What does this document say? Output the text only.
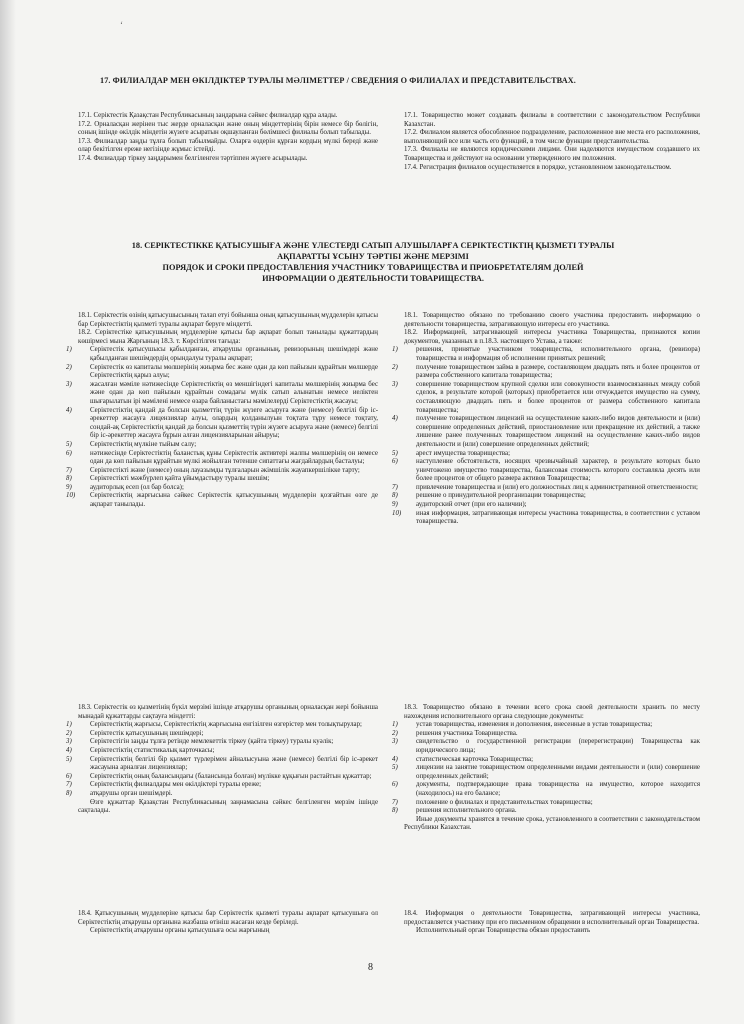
ʻ
17. ФИЛИАЛДАР МЕН ӨКІЛДІКТЕР ТУРАЛЫ МӘЛІМЕТТЕР / СВЕДЕНИЯ О ФИЛИАЛАХ И ПРЕДСТАВИТЕЛЬСТВАХ.

17.1. Серіктестік Қазақстан Республикасының заңдарына сәйкес филиалдар құра алады.

17.2. Орналасқан жерінен тыс жерде орналасқан және оның міндеттерінің бірін немесе бір бөлігін, соның ішінде өкілдік міндетін жүзеге асыратын оқшауланған бөлімшесі филиалы болып табылады.

17.3. Филиалдар заңды тұлға болып табылмайды. Оларға өздерін құрған кордың мүлкі береді және олар бекітілген ереже негізінде жұмыс істейді.

17.4. Филиалдар тіркеу заңдарымен белгіленген тәртіппен жүзеге асырылады.

17.1. Товарищество может создавать филиалы в соответствии с законодательством Республики Казахстан.

17.2. Филиалом является обособленное подразделение, расположенное вне места его расположения, выполняющий все или часть его функций, в том числе функции представительства.

17.3. Филиалы не являются юридическими лицами. Они наделяются имуществом создавшего их Товарищества и действуют на основании утвержденного им положения.

17.4. Регистрация филиалов осуществляется в порядке, установленном законодательством.

18. СЕРІКТЕСТІККЕ ҚАТЫСУШЫҒА ЖӘНЕ ҮЛЕСТЕРДІ САТЫП АЛУШЫЛАРҒА СЕРІКТЕСТІКТІҢ ҚЫЗМЕТІ ТУРАЛЫ
АҚПАРАТТЫ ҰСЫНУ ТӘРТІБІ ЖӘНЕ МЕРЗІМІ
ПОРЯДОК И СРОКИ ПРЕДОСТАВЛЕНИЯ УЧАСТНИКУ ТОВАРИЩЕСТВА И ПРИОБРЕТАТЕЛЯМ ДОЛЕЙ
ИНФОРМАЦИИ О ДЕЯТЕЛЬНОСТИ ТОВАРИЩЕСТВА.

18.1. Серіктестік өзінің қатысушысының талап етуі бойынша оның қатысушының мүдделерін қатысы бар Серіктестіктің қызметі туралы ақпарат беруге міндетті.

18.2. Серіктестіке қатысушының мүдделеріне қатысы бар ақпарат болып танылады құжаттардың көшірмесі мына Жарғының 18.3. т. Көрсітілген тағыда:

1)	Серіктестік қатысушысы қабылданған, атқарушы органының, ревизорының шешімдері және қабылданған шешімдердің орындалуы туралы ақпарат;

2)	Серіктестік өз капиталы мөлшерінің жиырма бес және одан да көп пайызын құрайтын мөлшерде Серіктестіктің қарыз алуы;

3)	жасалған мәміле нәтижесінде Серіктестіктің өз меншігіндегі капиталы мөлшерінің жиырма бес және одан да көп пайызын құрайтын сомадағы мүлік сатып алынатын немесе иеліктен шығарылатын ірі мәмілені немесе өзара байланыстағы мәмілелерді Серіктестіктің жасауы;

4)	Серіктестіктің қандай да болсын қызметтің түрін жүзеге асыруға және (немесе) белгілі бір іс-әрекеттер жасауға лицензиялар алуы, олардың қолданылуын тоқтата тұру немесе тоқтату, сондай-ақ Серіктестіктің қандай да болсын қызметтің түрін жүзеге асыруға және (немесе) белгілі бір іс-әрекеттер жасауға бұрын алған лицензияларынан айыруы;

5)	Серіктестіктің мүлкіне тыйым салу;

6)	нәтижесінде Серіктестіктің баланстық құны Серіктестік активтері жалпы мөлшерінің он немесе одан да көп пайызын құрайтын мүлкі жойылған төтенше сипаттағы жағдайлардың басталуы;

7)	Серіктестікті және (немесе) оның лауазымды тұлғаларын әкімшілік жауапкершілікке тарту;

8)	Серіктестікті мәжбүрлеп қайта ұйымдастыру туралы шешім;

9)	аудиторлық есеп (ол бар болса);

10) Серіктестіктің жарғысына сәйкес Серіктестік қатысушының мүдделерін қозғайтын өзге де ақпарат танылады.

18.3. Серіктестік өз қызметінің бүкіл мерзімі ішінде атқарушы органының орналасқан жері бойынша мынадай құжаттарды сақтауға міндетті:

1)	Серіктестіктің жарғысы, Серіктестіктің жарғысына енгізілген өзгерістер мен толықтырулар;

2)	Серіктестік қатысушының шешімдері;

3)	Серіктестігін заңды тұлға ретінде мемлекеттік тіркеу (қайта тіркеу) туралы куәлік;

4)	Серіктестіктің статистикалық карточкасы;

5)	Серіктестіктің белгілі бір қызмет түрлерімен айналысуына және (немесе) белгілі бір іс-әрекет жасауына арналған лицензиялар;

6)	Серіктестіктің оның балансындағы (балансында болған) мүлікке құқығын растайтын құжаттар;

7)	Серіктестіктің филиалдары мен өкілдіктері туралы ереже;

8)	атқарушы орган шешімдері.

Өзге құжаттар Қазақстан Республикасының заңнамасына сәйкес белгіленген мерзім ішінде сақталады.

18.4. Қатысушының мүдделеріне қатысы бар Серіктестік қызметі туралы ақпарат қатысушыға ол Серіктестіктің атқарушы органына жазбаша өтініш жасаған кезде беріледі.

Серіктестіктің атқарушы органы қатысушыға осы жарғының

18.1. Товарищество обязано по требованию своего участника предоставить информацию о деятельности товарищества, затрагивающую интересы его участника.

18.2. Информацией, затрагивающей интересы участника Товарищества, признаются копии документов, указанных в п.18.3. настоящего Устава, а также:

1)	решения, принятые участником товарищества, исполнительного органа, (ревизора) товарищества и информация об исполнении принятых решений;

2)	получение товариществом займа в размере, составляющем двадцать пять и более процентов от размера собственного капитала товарищества;

3)	совершение товариществом крупной сделки или совокупности взаимосвязанных между собой сделок, в результате которой (которых) приобретается или отчуждается имущество на сумму, составляющую двадцать пять и более процентов от размера собственного капитала товарищества;

4)	получение товариществом лицензий на осуществление каких-либо видов деятельности и (или) совершение определенных действий, приостановление или прекращение их действий, а также лишение ранее полученных товариществом лицензий на осуществление каких-либо видов деятельности и (или) совершение определенных действий;

5)	арест имущества товарищества;

6)	наступление обстоятельств, носящих чрезвычайный характер, в результате которых было уничтожено имущество товарищества, балансовая стоимость которого составляла десять или более процентов от общего размера активов Товарищества;

7)	привлечение товарищества и (или) его должностных лиц к административной ответственности;

8)	решение о принудительной реорганизации товарищества;

9)	аудиторский отчет (при его наличии);

10) иная информация, затрагивающая интересы участника товарищества, в соответствии с уставом товарищества.

18.3. Товарищество обязано в течении всего срока своей деятельности хранить по месту нахождения исполнительного органа следующие документы:

1)	устав товарищества, изменения и дополнения, внесенные в устав товарищества;

2)	решения участника Товарищества.

3)	свидетельство о государственной регистрации (перерегистрации) Товарищества как юридического лица;

4)	статистическая карточка Товарищества;

5)	лицензии на занятие товариществом определенными видами деятельности и (или) совершение определенных действий;

6)	документы, подтверждающие права товарищества на имущество, которое находится (находилось) на его балансе;

7)	положение о филиалах и представительствах товарищества;

8)	решения исполнительного органа.

Иные документы хранятся в течение срока, установленного в соответствии с законодательством Республики Казахстан.

18.4. Информация о деятельности Товарищества, затрагивающей интересы участника, предоставляется участнику при его письменном обращении в исполнительный орган Товарищества.

Исполнительный орган Товарищества обязан предоставить

8
